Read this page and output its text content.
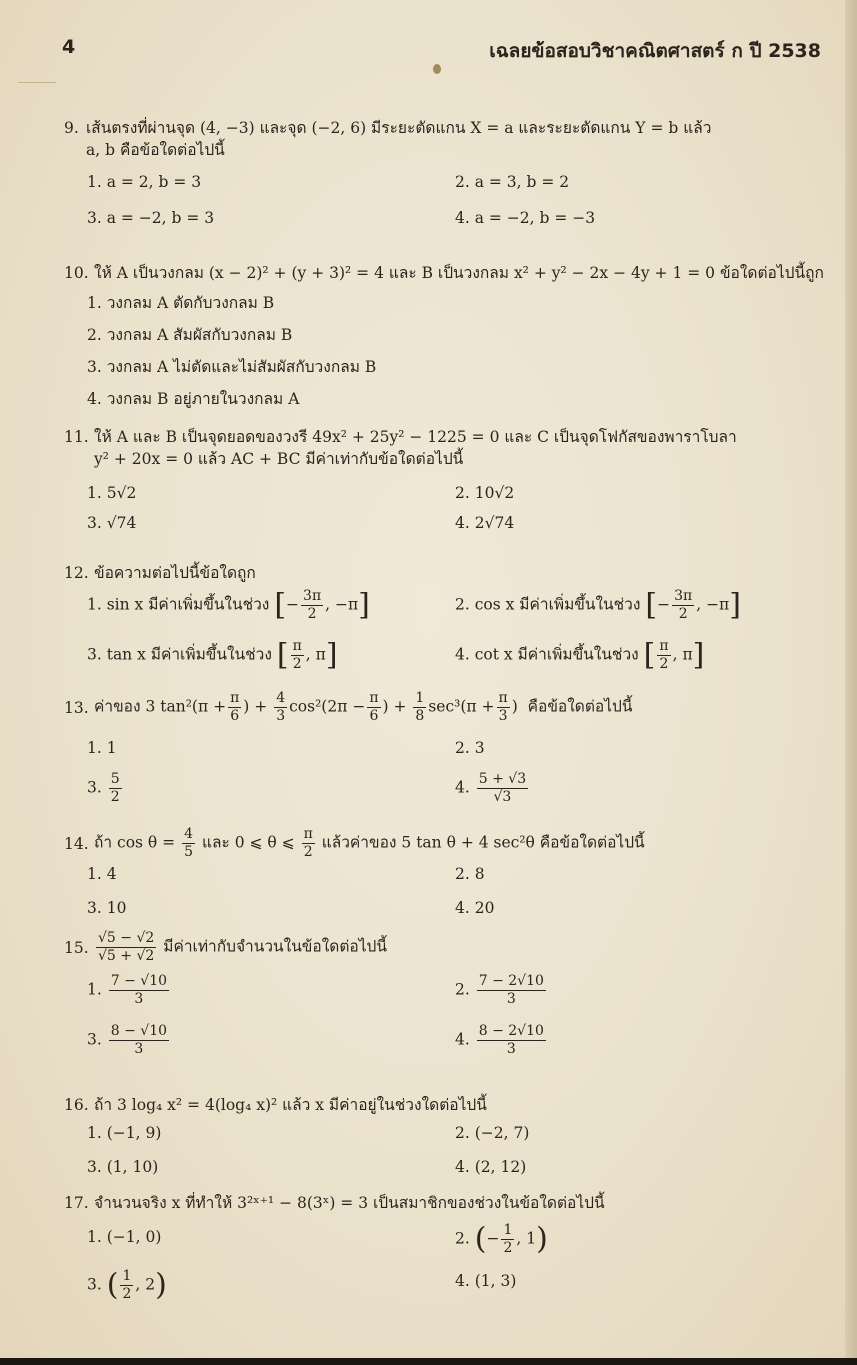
4	เฉลยข้อสอบวิชาคณิตศาสตร์ ก ปี 2538
9. เส้นตรงที่ผ่านจุด (4, −3) และจุด (−2, 6) มีระยะตัดแกน X = a และระยะตัดแกน Y = b แล้ว
a, b คือข้อใดต่อไปนี้
1. a = 2, b = 3	2. a = 3, b = 2
3. a = −2, b = 3	4. a = −2, b = −3
10. ให้ A เป็นวงกลม (x − 2)² + (y + 3)² = 4 และ B เป็นวงกลม x² + y² − 2x − 4y + 1 = 0 ข้อใดต่อไปนี้ถูก
1. วงกลม A ตัดกับวงกลม B
2. วงกลม A สัมผัสกับวงกลม B
3. วงกลม A ไม่ตัดและไม่สัมผัสกับวงกลม B
4. วงกลม B อยู่ภายในวงกลม A
11. ให้ A และ B เป็นจุดยอดของวงรี 49x² + 25y² − 1225 = 0 และ C เป็นจุดโฟกัสของพาราโบลา
y² + 20x = 0 แล้ว AC + BC มีค่าเท่ากับข้อใดต่อไปนี้
1. 5√2	2. 10√2
3. √74	4. 2√74
12. ข้อความต่อไปนี้ข้อใดถูก
1. sin x มีค่าเพิ่มขึ้นในช่วง [− $\frac{3\pi}{2}$ , −π]	2. cos x มีค่าเพิ่มขึ้นในช่วง [− $\frac{3\pi}{2}$ , −π]
3. tan x มีค่าเพิ่มขึ้นในช่วง [ $\frac{\pi}{2}$ , π]	4. cot x มีค่าเพิ่มขึ้นในช่วง [ $\frac{\pi}{2}$ , π]
13. ค่าของ 3 $\tan^2(\pi + \frac{\pi}{6}$ ) + $\frac{4}{3} \cos^2(2\pi - \frac{\pi}{6}$ ) + $\frac{1}{8} \sec^3(\pi + \frac{\pi}{3}$ ) คือข้อใดต่อไปนี้
1. 1	2. 3
3. $\frac{5}{2}$	4. $\frac{5 + √3}{√3}$
14. ถ้า $\cos \theta = \frac{4}{5}$ และ 0 ⩽ θ ⩽ $\frac{\pi}{2}$ แล้วค่าของ 5 tan θ + 4 sec²θ คือข้อใดต่อไปนี้
1. 4	2. 8
3. 10	4. 20
15. $\frac{√5 - √2}{√5 + √2}$ มีค่าเท่ากับจำนวนในข้อใดต่อไปนี้
1. $\frac{7 - √10}{3}$	2. $\frac{7 - 2√10}{3}$
3. $\frac{8 - √10}{3}$	4. $\frac{8 - 2√10}{3}$
16. ถ้า 3 log₄ x² = 4(log₄ x)² แล้ว x มีค่าอยู่ในช่วงใดต่อไปนี้
1. (−1, 9)	2. (−2, 7)
3. (1, 10)	4. (2, 12)
17. จำนวนจริง x ที่ทำให้ 3²ˣ⁺¹ − 8(3ˣ) = 3 เป็นสมาชิกของช่วงในข้อใดต่อไปนี้
1. (−1, 0)	2. (− $\frac{1}{2}$ , 1)
3. ( $\frac{1}{2}$ , 2)	4. (1, 3)
